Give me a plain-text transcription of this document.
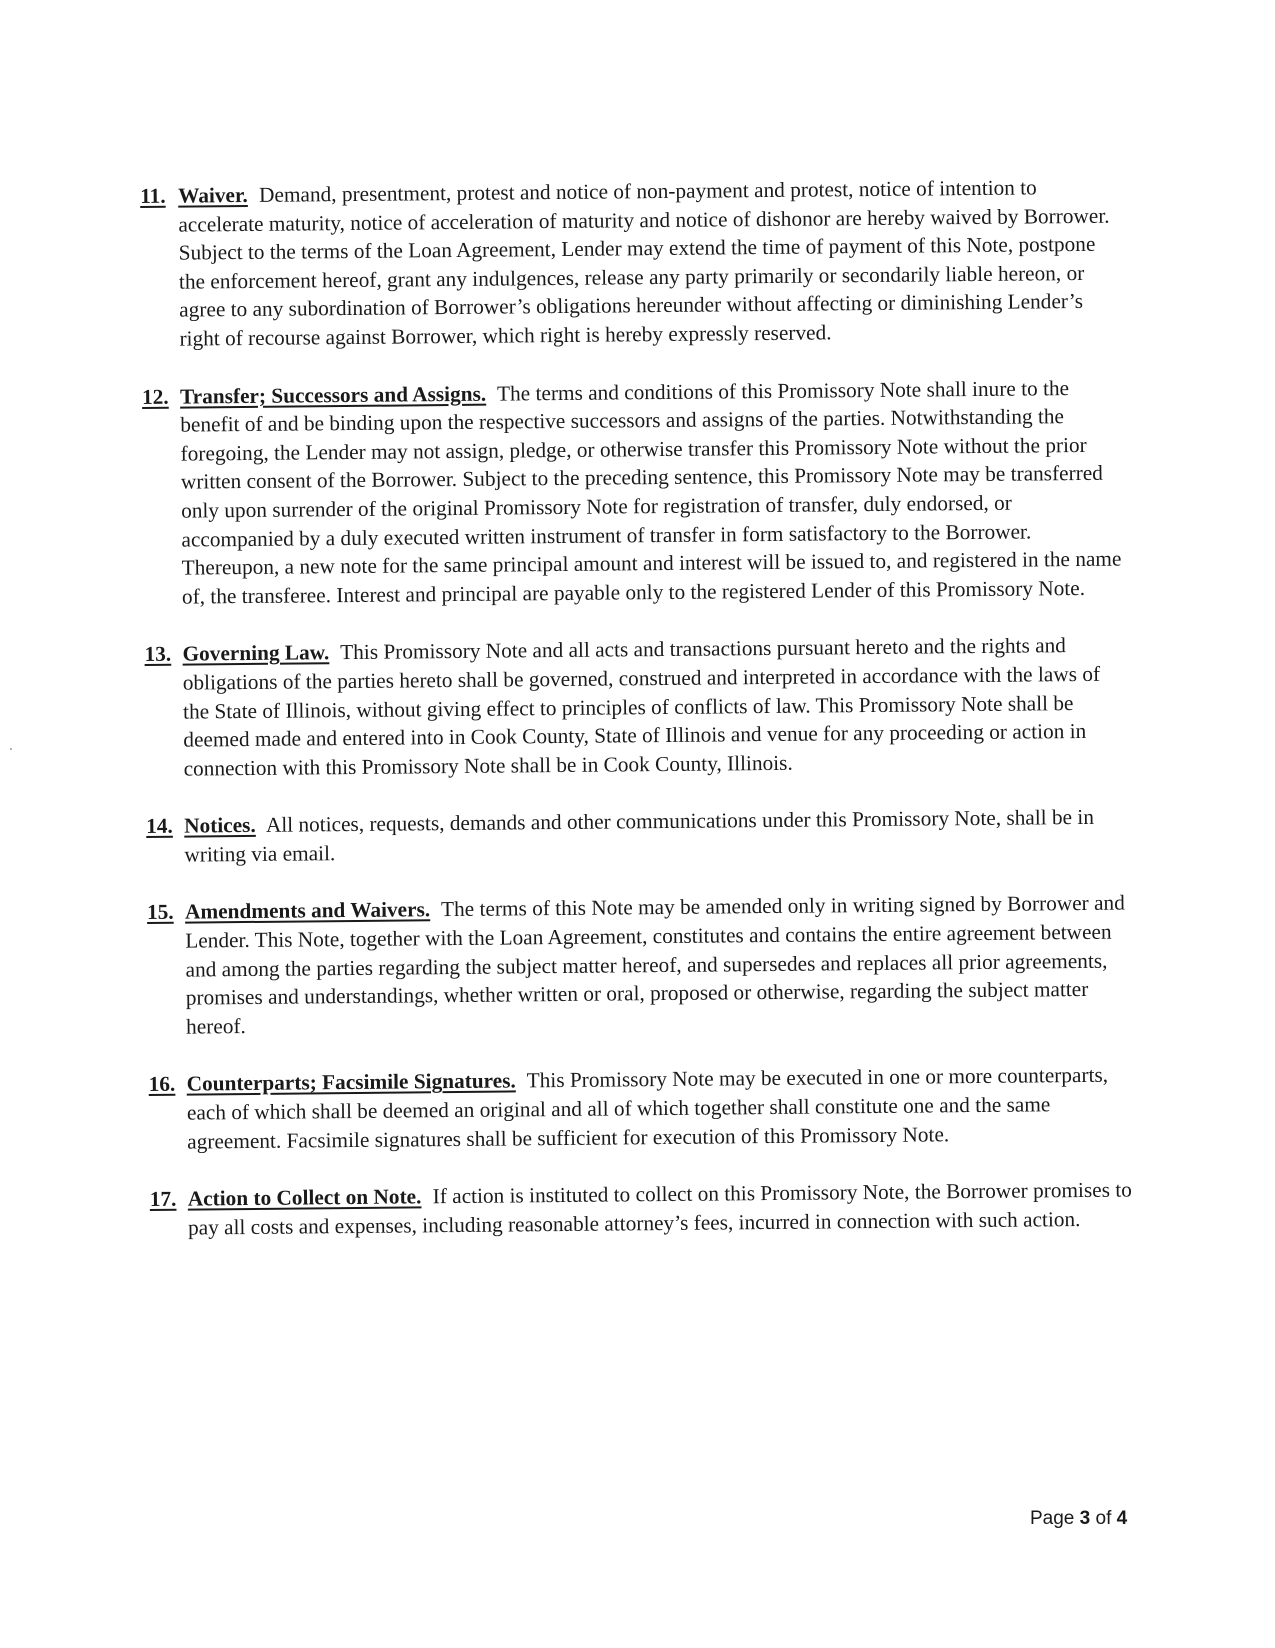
11. Waiver. Demand, presentment, protest and notice of non-payment and protest, notice of intention to accelerate maturity, notice of acceleration of maturity and notice of dishonor are hereby waived by Borrower. Subject to the terms of the Loan Agreement, Lender may extend the time of payment of this Note, postpone the enforcement hereof, grant any indulgences, release any party primarily or secondarily liable hereon, or agree to any subordination of Borrower’s obligations hereunder without affecting or diminishing Lender’s right of recourse against Borrower, which right is hereby expressly reserved.
12. Transfer; Successors and Assigns. The terms and conditions of this Promissory Note shall inure to the benefit of and be binding upon the respective successors and assigns of the parties. Notwithstanding the foregoing, the Lender may not assign, pledge, or otherwise transfer this Promissory Note without the prior written consent of the Borrower. Subject to the preceding sentence, this Promissory Note may be transferred only upon surrender of the original Promissory Note for registration of transfer, duly endorsed, or accompanied by a duly executed written instrument of transfer in form satisfactory to the Borrower. Thereupon, a new note for the same principal amount and interest will be issued to, and registered in the name of, the transferee. Interest and principal are payable only to the registered Lender of this Promissory Note.
13. Governing Law. This Promissory Note and all acts and transactions pursuant hereto and the rights and obligations of the parties hereto shall be governed, construed and interpreted in accordance with the laws of the State of Illinois, without giving effect to principles of conflicts of law. This Promissory Note shall be deemed made and entered into in Cook County, State of Illinois and venue for any proceeding or action in connection with this Promissory Note shall be in Cook County, Illinois.
14. Notices. All notices, requests, demands and other communications under this Promissory Note, shall be in writing via email.
15. Amendments and Waivers. The terms of this Note may be amended only in writing signed by Borrower and Lender. This Note, together with the Loan Agreement, constitutes and contains the entire agreement between and among the parties regarding the subject matter hereof, and supersedes and replaces all prior agreements, promises and understandings, whether written or oral, proposed or otherwise, regarding the subject matter hereof.
16. Counterparts; Facsimile Signatures. This Promissory Note may be executed in one or more counterparts, each of which shall be deemed an original and all of which together shall constitute one and the same agreement. Facsimile signatures shall be sufficient for execution of this Promissory Note.
17. Action to Collect on Note. If action is instituted to collect on this Promissory Note, the Borrower promises to pay all costs and expenses, including reasonable attorney’s fees, incurred in connection with such action.
Page 3 of 4
